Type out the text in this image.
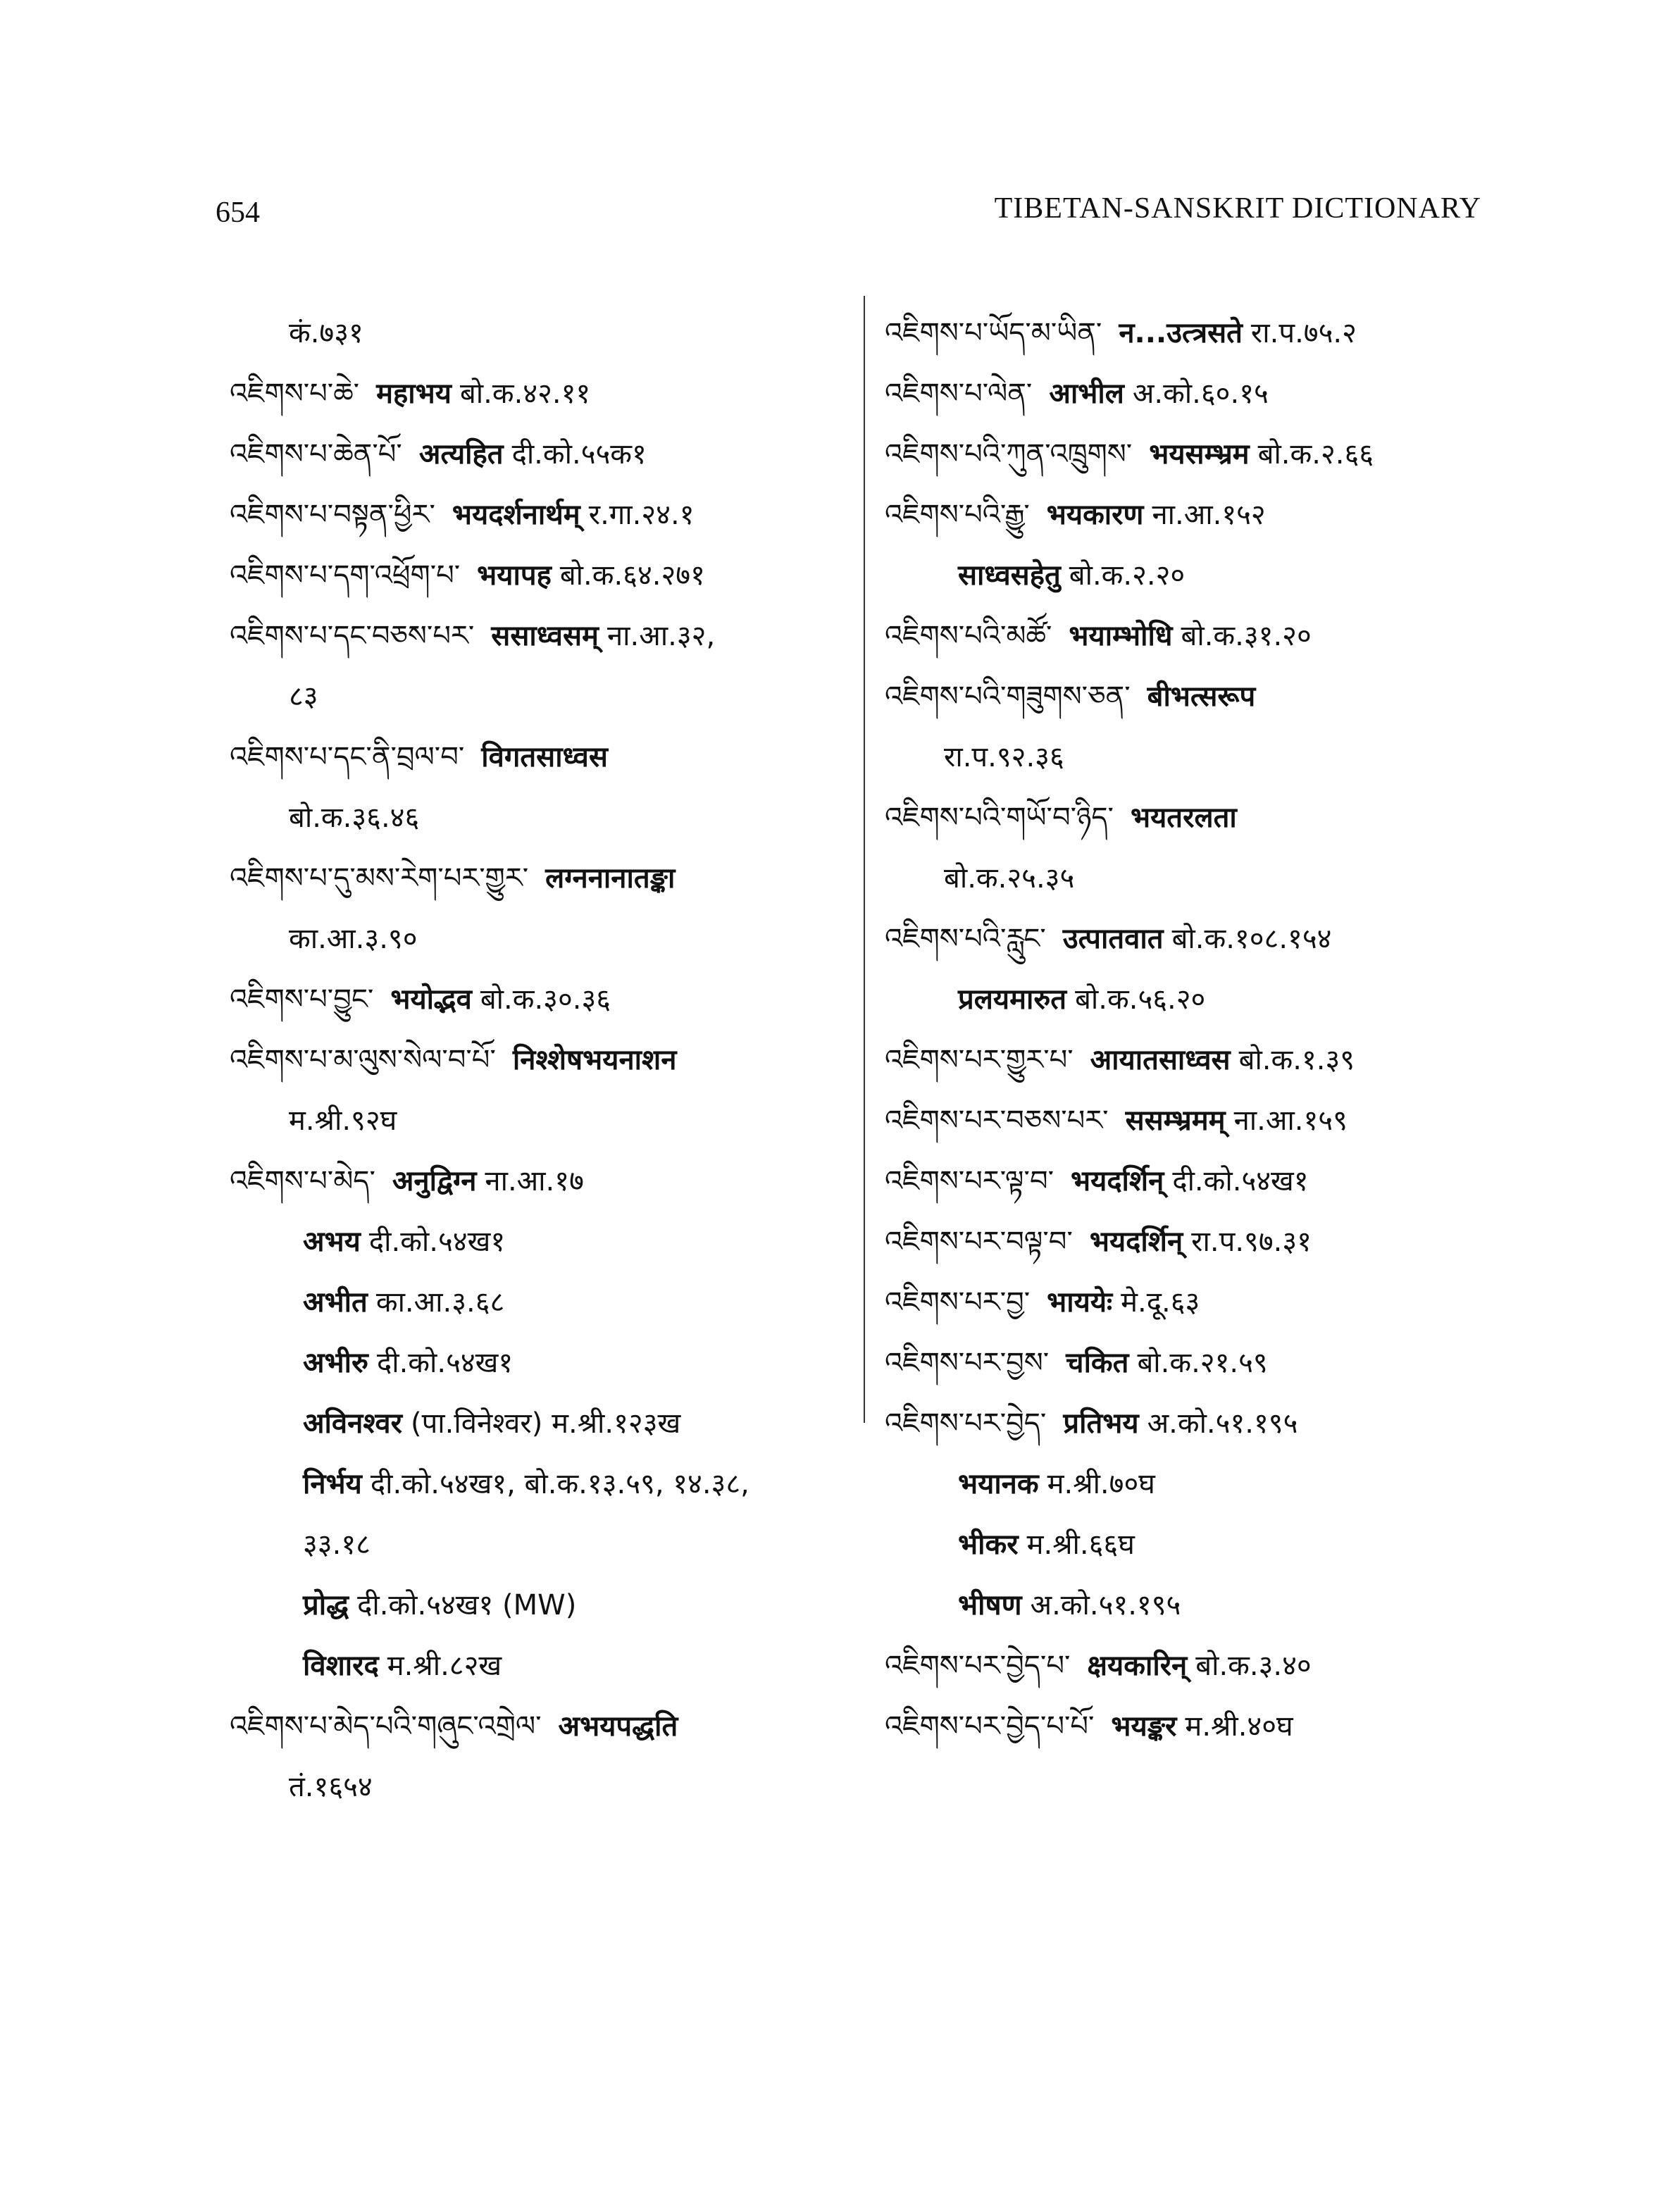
654	TIBETAN-SANSKRIT DICTIONARY
कं.७३१
འཇིགས་པ་ཆེ་ महाभय बो.क.४२.११
འཇིགས་པ་ཆེན་པོ་ अत्यहित दी.को.५५क१
འཇིགས་པ་བསྟན་ཕྱིར་ भयदर्शनार्थम् र.गा.२४.१
འཇིགས་པ་དག་འཕྲོག་པ་ भयापह बो.क.६४.२७१
འཇིགས་པ་དང་བཅས་པར་ ससाध्वसम् ना.आ.३२,
८३
འཇིགས་པ་དང་ནི་བྲལ་བ་ विगतसाध्वस
बो.क.३६.४६
འཇིགས་པ་དུ་མས་རེག་པར་གྱུར་ लग्ननानातङ्का
का.आ.३.९०
འཇིགས་པ་བྱུང་ भयोद्भव बो.क.३०.३६
འཇིགས་པ་མ་ལུས་སེལ་བ་པོ་ निश्शेषभयनाशन
म.श्री.९२घ
འཇིགས་པ་མེད་ अनुद्विग्न ना.आ.१७
अभय दी.को.५४ख१
अभीत का.आ.३.६८
अभीरु दी.को.५४ख१
अविनश्वर (पा.विनेश्वर) म.श्री.१२३ख
निर्भय दी.को.५४ख१, बो.क.१३.५९, १४.३८,
३३.१८
प्रोद्ध दी.को.५४ख१ (MW)
विशारद म.श्री.८२ख
འཇིགས་པ་མེད་པའི་གཞུང་འགྲེལ་ अभयपद्धति
तं.१६५४
འཇིགས་པ་ཡོད་མ་ཡིན་ न...उत्त्रसते रा.प.७५.२
འཇིགས་པ་ལེན་ आभील अ.को.६०.१५
འཇིགས་པའི་ཀུན་འཁྲུགས་ भयसम्भ्रम बो.क.२.६६
འཇིགས་པའི་རྒྱུ་ भयकारण ना.आ.१५२
साध्वसहेतु बो.क.२.२०
འཇིགས་པའི་མཚོ་ भयाम्भोधि बो.क.३१.२०
འཇིགས་པའི་གཟུགས་ཅན་ बीभत्सरूप
रा.प.९२.३६
འཇིགས་པའི་གཡོ་བ་ཉིད་ भयतरलता
बो.क.२५.३५
འཇིགས་པའི་རླུང་ उत्पातवात बो.क.१०८.१५४
प्रलयमारुत बो.क.५६.२०
འཇིགས་པར་གྱུར་པ་ आयातसाध्वस बो.क.१.३९
འཇིགས་པར་བཅས་པར་ ससम्भ्रमम् ना.आ.१५९
འཇིགས་པར་ལྟ་བ་ भयदर्शिन् दी.को.५४ख१
འཇིགས་པར་བལྟ་བ་ भयदर्शिन् रा.प.९७.३१
འཇིགས་པར་བྱ་ भाययेः मे.दू.६३
འཇིགས་པར་བྱས་ चकित बो.क.२१.५९
འཇིགས་པར་བྱེད་ प्रतिभय अ.को.५१.१९५
भयानक म.श्री.७०घ
भीकर म.श्री.६६घ
भीषण अ.को.५१.१९५
འཇིགས་པར་བྱེད་པ་ क्षयकारिन् बो.क.३.४०
འཇིགས་པར་བྱེད་པ་པོ་ भयङ्कर म.श्री.४०घ
